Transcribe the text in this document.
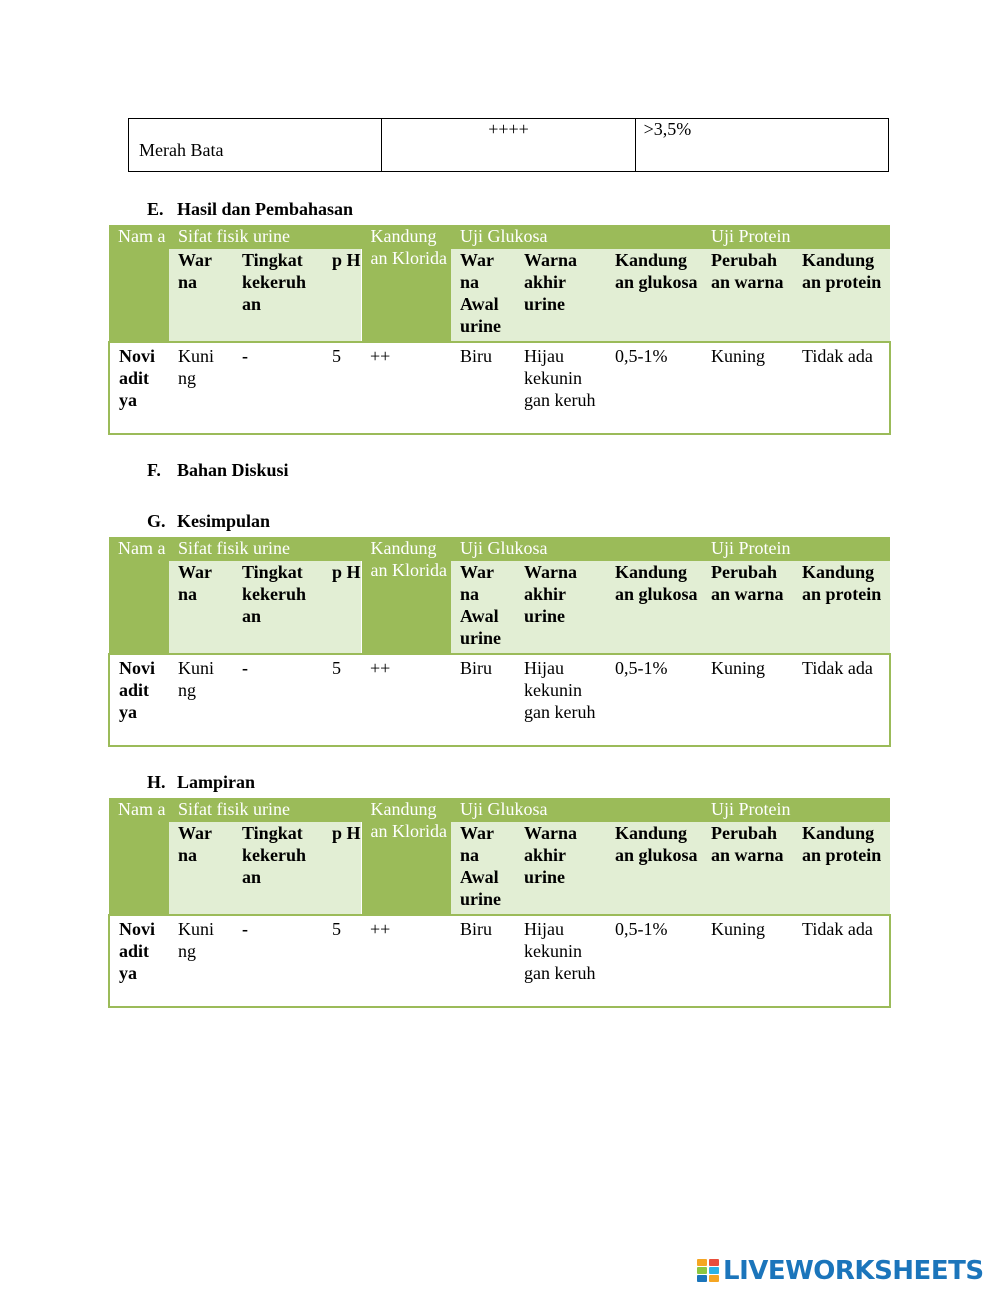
Merah Bata	++++	>3,5%

E. Hasil dan Pembahasan

Nam a	Sifat fisik urine			Kandung an Klorida	Uji Glukosa			Uji Protein	
	War na	Tingkat kekeruh an	p H		War na Awal urine	Warna akhir urine	Kandung an glukosa	Perubah an warna	Kandung an protein
Novi adit ya	Kuni ng	-	5	++	Biru	Hijau kekunin gan keruh	0,5-1%	Kuning	Tidak ada

F. Bahan Diskusi

G. Kesimpulan

Nam a	Sifat fisik urine			Kandung an Klorida	Uji Glukosa			Uji Protein	
	War na	Tingkat kekeruh an	p H		War na Awal urine	Warna akhir urine	Kandung an glukosa	Perubah an warna	Kandung an protein
Novi adit ya	Kuni ng	-	5	++	Biru	Hijau kekunin gan keruh	0,5-1%	Kuning	Tidak ada

H. Lampiran

Nam a	Sifat fisik urine			Kandung an Klorida	Uji Glukosa			Uji Protein	
	War na	Tingkat kekeruh an	p H		War na Awal urine	Warna akhir urine	Kandung an glukosa	Perubah an warna	Kandung an protein
Novi adit ya	Kuni ng	-	5	++	Biru	Hijau kekunin gan keruh	0,5-1%	Kuning	Tidak ada
LIVEWORKSHEETS
